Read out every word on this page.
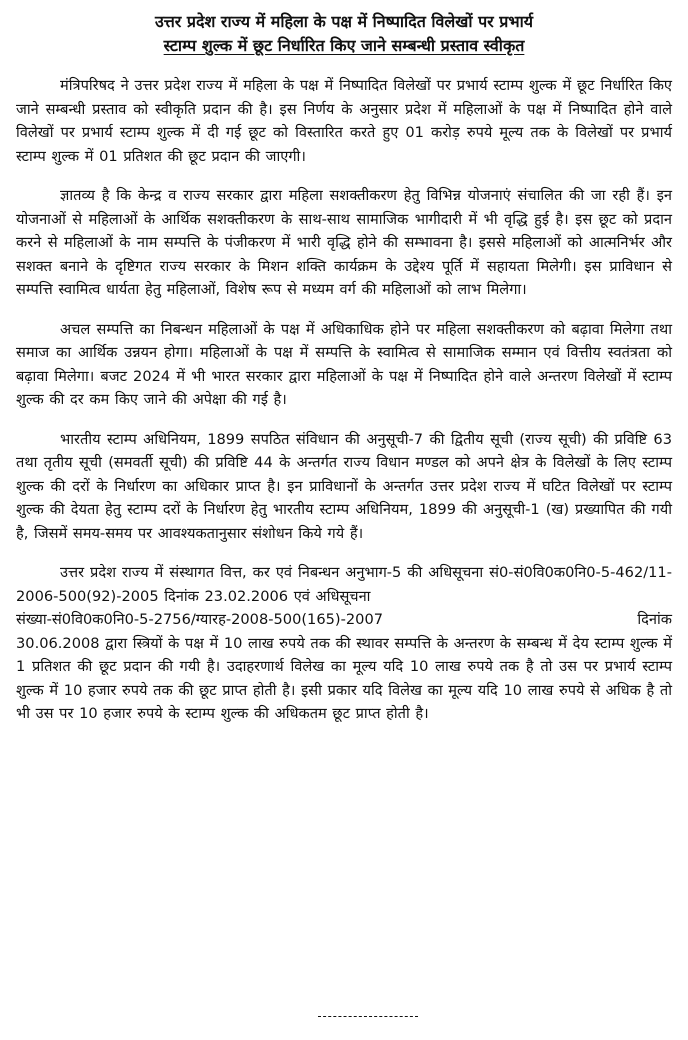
उत्तर प्रदेश राज्य में महिला के पक्ष में निष्पादित विलेखों पर प्रभार्य

स्टाम्प शुल्क में छूट निर्धारित किए जाने सम्बन्धी प्रस्ताव स्वीकृत

मंत्रिपरिषद ने उत्तर प्रदेश राज्य में महिला के पक्ष में निष्पादित विलेखों पर प्रभार्य स्टाम्प शुल्क में छूट निर्धारित किए जाने सम्बन्धी प्रस्ताव को स्वीकृति प्रदान की है। इस निर्णय के अनुसार प्रदेश में महिलाओं के पक्ष में निष्पादित होने वाले विलेखों पर प्रभार्य स्टाम्प शुल्क में दी गई छूट को विस्तारित करते हुए 01 करोड़ रुपये मूल्य तक के विलेखों पर प्रभार्य स्टाम्प शुल्क में 01 प्रतिशत की छूट प्रदान की जाएगी।

ज्ञातव्य है कि केन्द्र व राज्य सरकार द्वारा महिला सशक्तीकरण हेतु विभिन्न योजनाएं संचालित की जा रही हैं। इन योजनाओं से महिलाओं के आर्थिक सशक्तीकरण के साथ-साथ सामाजिक भागीदारी में भी वृद्धि हुई है। इस छूट को प्रदान करने से महिलाओं के नाम सम्पत्ति के पंजीकरण में भारी वृद्धि होने की सम्भावना है। इससे महिलाओं को आत्मनिर्भर और सशक्त बनाने के दृष्टिगत राज्य सरकार के मिशन शक्ति कार्यक्रम के उद्देश्य पूर्ति में सहायता मिलेगी। इस प्राविधान से सम्पत्ति स्वामित्व धार्यता हेतु महिलाओं, विशेष रूप से मध्यम वर्ग की महिलाओं को लाभ मिलेगा।

अचल सम्पत्ति का निबन्धन महिलाओं के पक्ष में अधिकाधिक होने पर महिला सशक्तीकरण को बढ़ावा मिलेगा तथा समाज का आर्थिक उन्नयन होगा। महिलाओं के पक्ष में सम्पत्ति के स्वामित्व से सामाजिक सम्मान एवं वित्तीय स्वतंत्रता को बढ़ावा मिलेगा। बजट 2024 में भी भारत सरकार द्वारा महिलाओं के पक्ष में निष्पादित होने वाले अन्तरण विलेखों में स्टाम्प शुल्क की दर कम किए जाने की अपेक्षा की गई है।

भारतीय स्टाम्प अधिनियम, 1899 सपठित संविधान की अनुसूची-7 की द्वितीय सूची (राज्य सूची) की प्रविष्टि 63 तथा तृतीय सूची (समवर्ती सूची) की प्रविष्टि 44 के अन्तर्गत राज्य विधान मण्डल को अपने क्षेत्र के विलेखों के लिए स्टाम्प शुल्क की दरों के निर्धारण का अधिकार प्राप्त है। इन प्राविधानों के अन्तर्गत उत्तर प्रदेश राज्य में घटित विलेखों पर स्टाम्प शुल्क की देयता हेतु स्टाम्प दरों के निर्धारण हेतु भारतीय स्टाम्प अधिनियम, 1899 की अनुसूची-1 (ख) प्रख्यापित की गयी है, जिसमें समय-समय पर आवश्यकतानुसार संशोधन किये गये हैं।

उत्तर प्रदेश राज्य में संस्थागत वित्त, कर एवं निबन्धन अनुभाग-5 की अधिसूचना सं0-सं0वि0क0नि0-5-462/11-2006-500(92)-2005 दिनांक 23.02.2006 एवं अधिसूचना
संख्या-सं0वि0क0नि0-5-2756/ग्यारह-2008-500(165)-2007	दिनांक
30.06.2008 द्वारा स्त्रियों के पक्ष में 10 लाख रुपये तक की स्थावर सम्पत्ति के अन्तरण के सम्बन्ध में देय स्टाम्प शुल्क में 1 प्रतिशत की छूट प्रदान की गयी है। उदाहरणार्थ विलेख का मूल्य यदि 10 लाख रुपये तक है तो उस पर प्रभार्य स्टाम्प शुल्क में 10 हजार रुपये तक की छूट प्राप्त होती है। इसी प्रकार यदि विलेख का मूल्य यदि 10 लाख रुपये से अधिक है तो भी उस पर 10 हजार रुपये के स्टाम्प शुल्क की अधिकतम छूट प्राप्त होती है।
